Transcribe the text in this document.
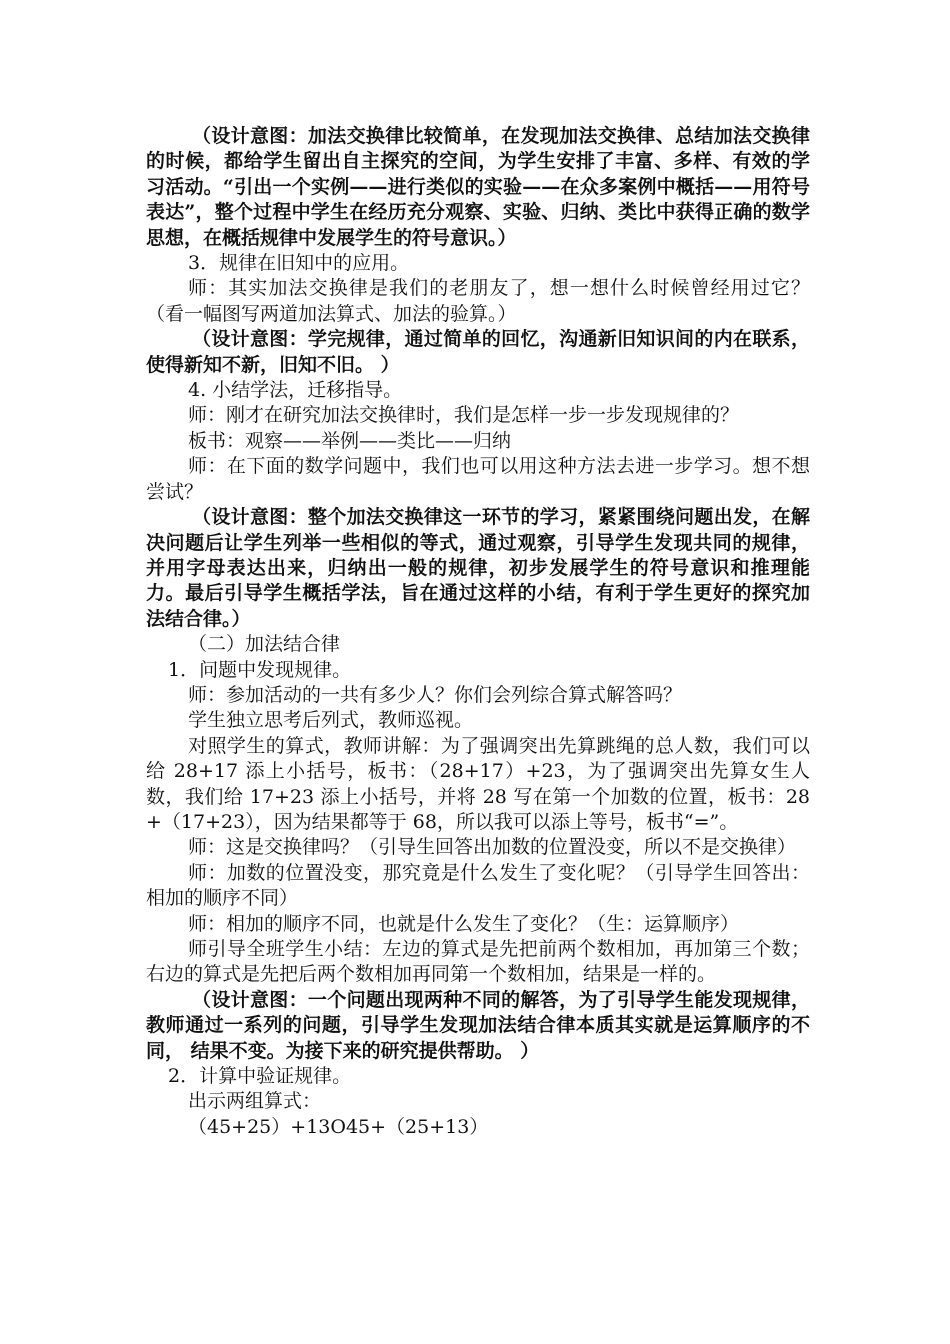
（设计意图：加法交换律比较简单，在发现加法交换律、总结加法交换律的时候，都给学生留出自主探究的空间，为学生安排了丰富、多样、有效的学习活动。“引出一个实例——进行类似的实验——在众多案例中概括——用符号表达”，整个过程中学生在经历充分观察、实验、归纳、类比中获得正确的数学思想，在概括规律中发展学生的符号意识。）

3．规律在旧知中的应用。

师：其实加法交换律是我们的老朋友了，想一想什么时候曾经用过它？（看一幅图写两道加法算式、加法的验算。）

（设计意图：学完规律，通过简单的回忆，沟通新旧知识间的内在联系，使得新知不新，旧知不旧。 ）

4. 小结学法，迁移指导。

师：刚才在研究加法交换律时，我们是怎样一步一步发现规律的？

板书：观察——举例——类比——归纳

师：在下面的数学问题中，我们也可以用这种方法去进一步学习。想不想尝试？

（设计意图：整个加法交换律这一环节的学习，紧紧围绕问题出发，在解决问题后让学生列举一些相似的等式，通过观察，引导学生发现共同的规律，并用字母表达出来，归纳出一般的规律，初步发展学生的符号意识和推理能力。最后引导学生概括学法，旨在通过这样的小结，有利于学生更好的探究加法结合律。）

（二）加法结合律

1．问题中发现规律。

师：参加活动的一共有多少人？你们会列综合算式解答吗？

学生独立思考后列式，教师巡视。

对照学生的算式，教师讲解：为了强调突出先算跳绳的总人数，我们可以给 28+17 添上小括号，板书：（28+17）+23，为了强调突出先算女生人数，我们给 17+23 添上小括号，并将 28 写在第一个加数的位置，板书：28+（17+23），因为结果都等于 68，所以我可以添上等号，板书“=”。

师：这是交换律吗？（引导生回答出加数的位置没变，所以不是交换律）

师：加数的位置没变，那究竟是什么发生了变化呢？（引导学生回答出：相加的顺序不同）

师：相加的顺序不同，也就是什么发生了变化？（生：运算顺序）

师引导全班学生小结：左边的算式是先把前两个数相加，再加第三个数；右边的算式是先把后两个数相加再同第一个数相加，结果是一样的。

（设计意图：一个问题出现两种不同的解答，为了引导学生能发现规律，教师通过一系列的问题，引导学生发现加法结合律本质其实就是运算顺序的不同， 结果不变。为接下来的研究提供帮助。 ）

2．计算中验证规律。

出示两组算式：

（45+25）+13O45+（25+13）
